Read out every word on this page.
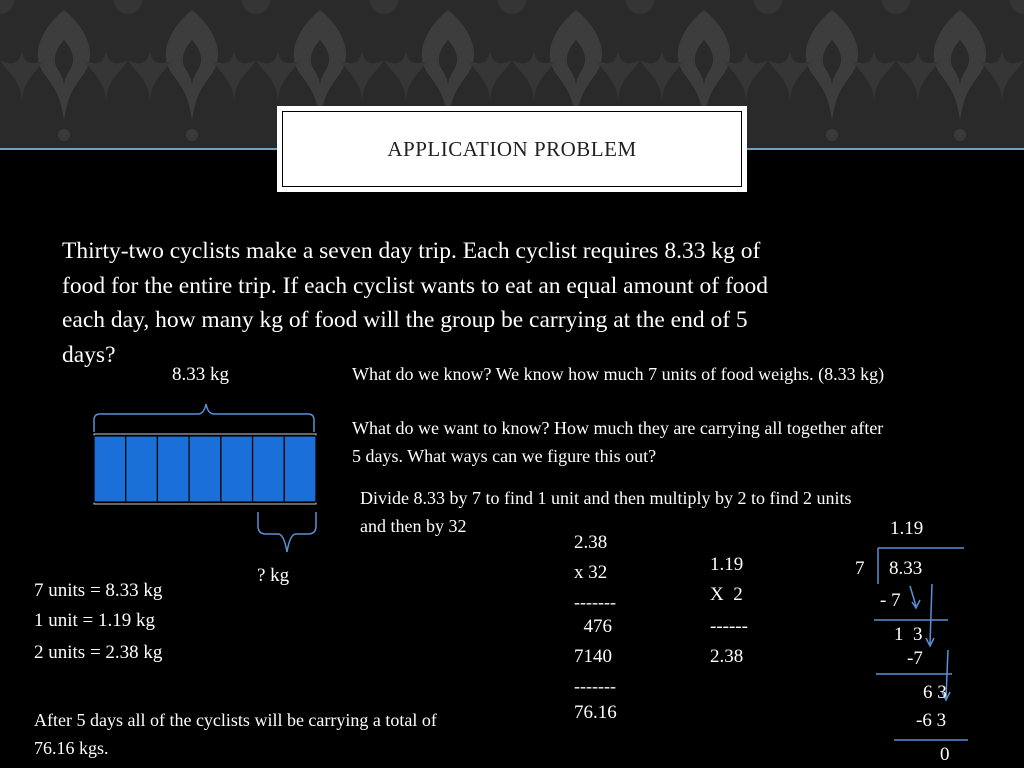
APPLICATION PROBLEM
Thirty-two cyclists make a seven day trip. Each cyclist requires 8.33 kg of
food for the entire trip. If each cyclist wants to eat an equal amount of food
each day, how many kg of food will the group be carrying at the end of 5
days?
8.33 kg
? kg
What do we know? We know how much 7 units of food weighs. (8.33 kg)
What do we want to know? How much they are carrying all together after
5 days. What ways can we figure this out?
Divide 8.33 by 7 to find 1 unit and then multiply by 2 to find 2 units
and then by 32
7 units = 8.33 kg
1 unit = 1.19 kg
2 units = 2.38 kg
2.38
x 32
-------
476
7140
-------
76.16
1.19
X  2
------
2.38
1.19
7 8.33
- 7
1  3
-7
6 3
-6 3
0
After 5 days all of the cyclists will be carrying a total of
76.16 kgs.
